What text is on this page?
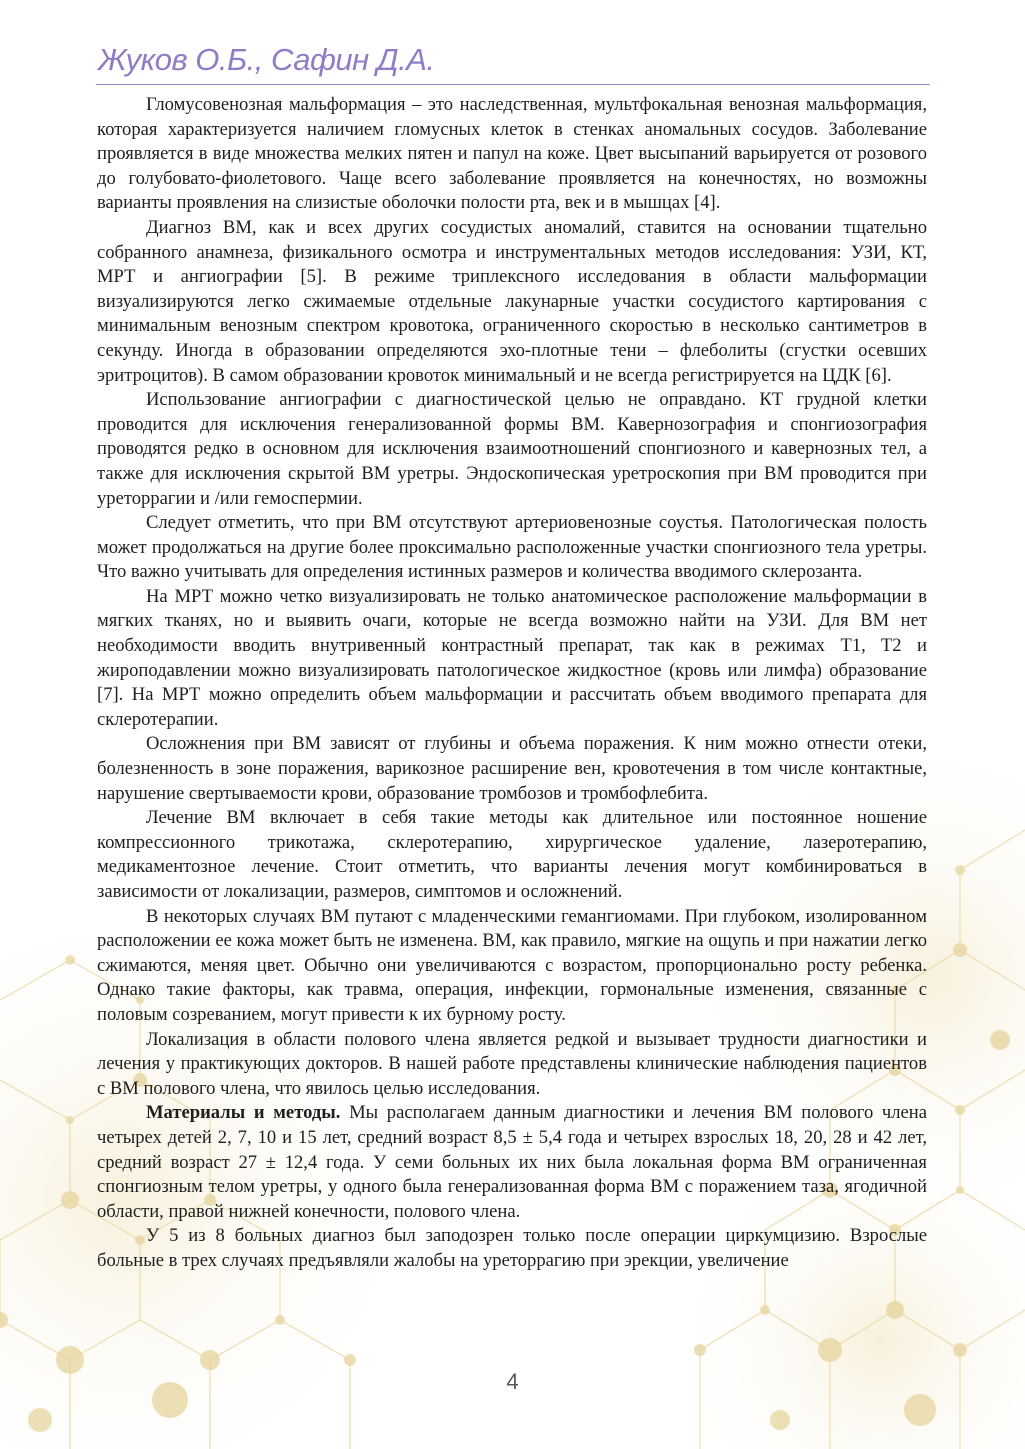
Жуков О.Б., Сафин Д.А.

Гломусовенозная мальформация – это наследственная, мультфокальная венозная мальформация, которая характеризуется наличием гломусных клеток в стенках аномальных сосудов. Заболевание проявляется в виде множества мелких пятен и папул на коже. Цвет высыпаний варьируется от розового до голубовато-фиолетового. Чаще всего заболевание проявляется на конечностях, но возможны варианты проявления на слизистые оболочки полости рта, век и в мышцах [4].

Диагноз ВМ, как и всех других сосудистых аномалий, ставится на основании тщательно собранного анамнеза, физикального осмотра и инструментальных методов исследования: УЗИ, КТ, МРТ и ангиографии [5]. В режиме триплексного исследования в области мальформации визуализируются легко сжимаемые отдельные лакунарные участки сосудистого картирования с минимальным венозным спектром кровотока, ограниченного скоростью в несколько сантиметров в секунду. Иногда в образовании определяются эхо-плотные тени – флеболиты (сгустки осевших эритроцитов). В самом образовании кровоток минимальный и не всегда регистрируется на ЦДК [6].

Использование ангиографии с диагностической целью не оправдано. КТ грудной клетки проводится для исключения генерализованной формы ВМ. Кавернозография и спонгиозография проводятся редко в основном для исключения взаимоотношений спонгиозного и кавернозных тел, а также для исключения скрытой ВМ уретры. Эндоскопическая уретроскопия при ВМ проводится при уреторрагии и /или гемоспермии.

Следует отметить, что при ВМ отсутствуют артериовенозные соустья. Патологическая полость может продолжаться на другие более проксимально расположенные участки спонгиозного тела уретры. Что важно учитывать для определения истинных размеров и количества вводимого склерозанта.

На МРТ можно четко визуализировать не только анатомическое расположение мальформации в мягких тканях, но и выявить очаги, которые не всегда возможно найти на УЗИ. Для ВМ нет необходимости вводить внутривенный контрастный препарат, так как в режимах T1, T2 и жироподавлении можно визуализировать патологическое жидкостное (кровь или лимфа) образование [7]. На МРТ можно определить объем мальформации и рассчитать объем вводимого препарата для склеротерапии.

Осложнения при ВМ зависят от глубины и объема поражения. К ним можно отнести отеки, болезненность в зоне поражения, варикозное расширение вен, кровотечения в том числе контактные, нарушение свертываемости крови, образование тромбозов и тромбофлебита.

Лечение ВМ включает в себя такие методы как длительное или постоянное ношение компрессионного трикотажа, склеротерапию, хирургическое удаление, лазеротерапию, медикаментозное лечение. Стоит отметить, что варианты лечения могут комбинироваться в зависимости от локализации, размеров, симптомов и осложнений.

В некоторых случаях ВМ путают с младенческими гемангиомами. При глубоком, изолированном расположении ее кожа может быть не изменена. ВМ, как правило, мягкие на ощупь и при нажатии легко сжимаются, меняя цвет. Обычно они увеличиваются с возрастом, пропорционально росту ребенка. Однако такие факторы, как травма, операция, инфекции, гормональные изменения, связанные с половым созреванием, могут привести к их бурному росту.

Локализация в области полового члена является редкой и вызывает трудности диагностики и лечения у практикующих докторов. В нашей работе представлены клинические наблюдения пациентов с ВМ полового члена, что явилось целью исследования.

Материалы и методы. Мы располагаем данным диагностики и лечения ВМ полового члена четырех детей 2, 7, 10 и 15 лет, средний возраст 8,5 ± 5,4 года и четырех взрослых 18, 20, 28 и 42 лет, средний возраст 27 ± 12,4 года. У семи больных их них была локальная форма ВМ ограниченная спонгиозным телом уретры, у одного была генерализованная форма ВМ с поражением таза, ягодичной области, правой нижней конечности, полового члена.

У 5 из 8 больных диагноз был заподозрен только после операции циркумцизию. Взрослые больные в трех случаях предъявляли жалобы на уреторрагию при эрекции, увеличение

4
